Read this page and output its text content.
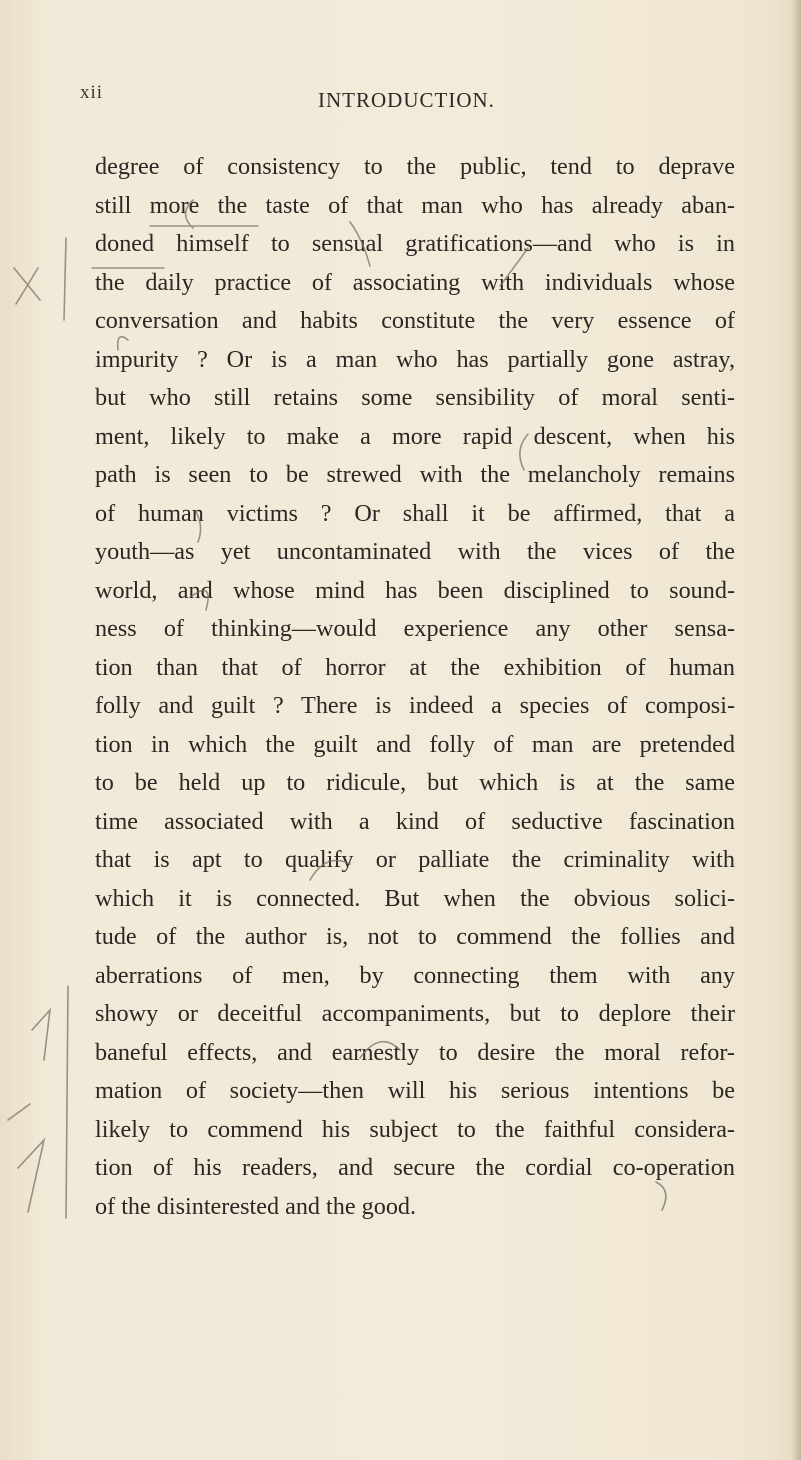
xii	INTRODUCTION.
degree of consistency to the public, tend to deprave
still more the taste of that man who has already aban-
doned himself to sensual gratifications—and who is in
the daily practice of associating with individuals whose
conversation and habits constitute the very essence of
impurity ? Or is a man who has partially gone astray,
but who still retains some sensibility of moral senti-
ment, likely to make a more rapid descent, when his
path is seen to be strewed with the melancholy remains
of human victims ? Or shall it be affirmed, that a
youth—as yet uncontaminated with the vices of the
world, and whose mind has been disciplined to sound-
ness of thinking—would experience any other sensa-
tion than that of horror at the exhibition of human
folly and guilt ? There is indeed a species of composi-
tion in which the guilt and folly of man are pretended
to be held up to ridicule, but which is at the same
time associated with a kind of seductive fascination
that is apt to qualify or palliate the criminality with
which it is connected. But when the obvious solici-
tude of the author is, not to commend the follies and
aberrations of men, by connecting them with any
showy or deceitful accompaniments, but to deplore their
baneful effects, and earnestly to desire the moral refor-
mation of society—then will his serious intentions be
likely to commend his subject to the faithful considera-
tion of his readers, and secure the cordial co-operation
of the disinterested and the good.
